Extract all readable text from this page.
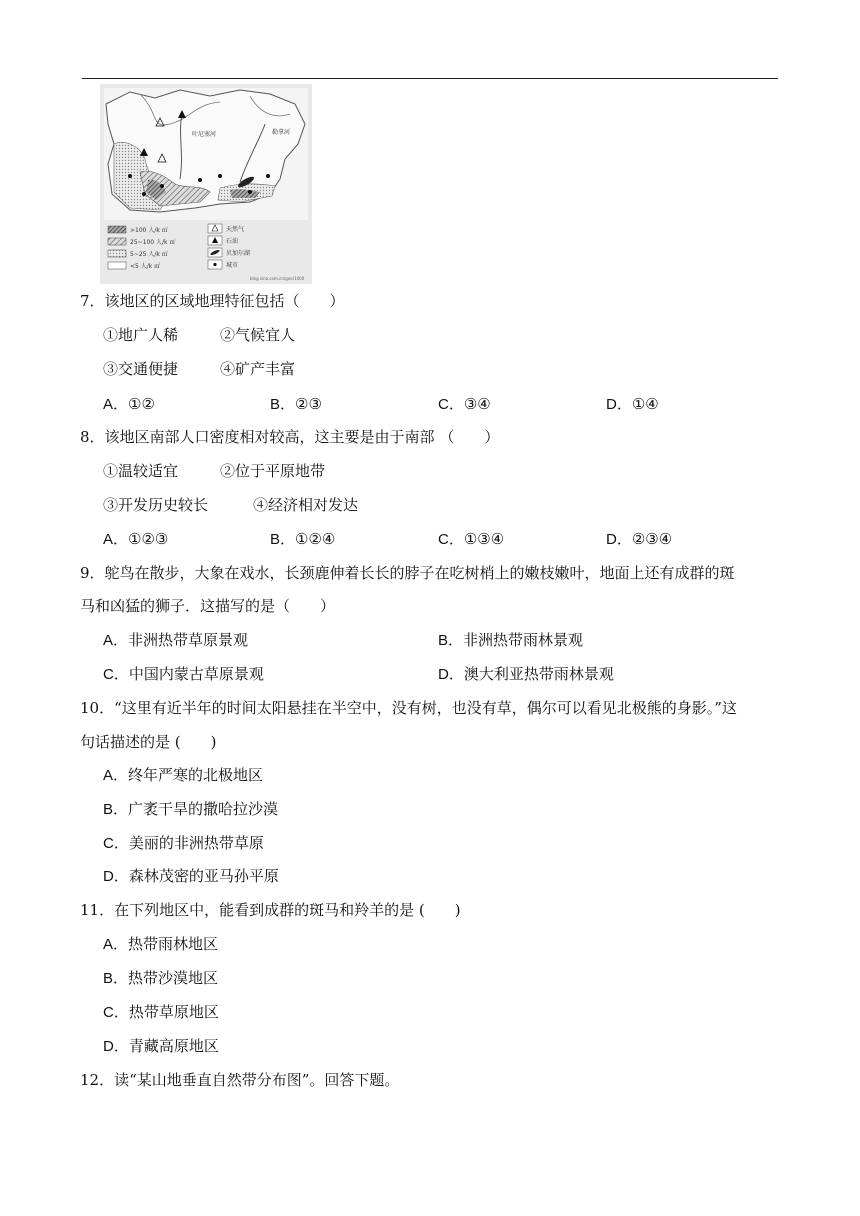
叶尼塞河	勒拿河
>100 人/k ㎡
25~100 人/k ㎡
5~25 人/k ㎡
<5 人/k ㎡
天然气
石油
贝加尔湖
城市
blog.sina.com.cn/geo/1000
7．该地区的区域地理特征包括（　　）
①地广人稀	②气候宜人
③交通便捷	④矿产丰富
A．①②	B．②③	C．③④	D．①④
8．该地区南部人口密度相对较高，这主要是由于南部 （　　）
①温较适宜	②位于平原地带
③开发历史较长	④经济相对发达
A．①②③	B．①②④	C．①③④	D．②③④
9．鸵鸟在散步，大象在戏水，长颈鹿伸着长长的脖子在吃树梢上的嫩枝嫩叶，地面上还有成群的斑
马和凶猛的狮子．这描写的是（　　）
A．非洲热带草原景观	B．非洲热带雨林景观
C．中国内蒙古草原景观	D．澳大利亚热带雨林景观
10．“这里有近半年的时间太阳悬挂在半空中，没有树，也没有草，偶尔可以看见北极熊的身影。”这
句话描述的是 (　　)
A．终年严寒的北极地区
B．广袤干旱的撒哈拉沙漠
C．美丽的非洲热带草原
D．森林茂密的亚马孙平原
11．在下列地区中，能看到成群的斑马和羚羊的是 (　　)
A．热带雨林地区
B．热带沙漠地区
C．热带草原地区
D．青藏高原地区
12．读“某山地垂直自然带分布图”。回答下题。
